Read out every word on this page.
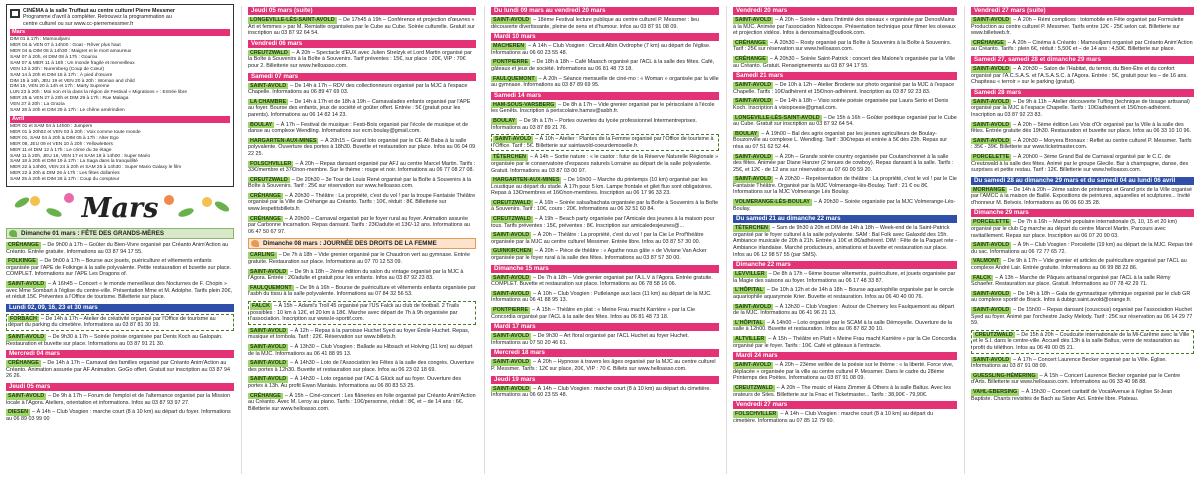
CINÉMA à la salle Truffaut au centre culturel Pierre Messmer
Programme d'avril à compléter. Retrouvez la programmation au
centre culturel ou sur www.cc-pierremessmer.fr
Mars
DIM 01 à 17h : Mamouiljami
MER 04 & VEN 07 à 14h00 : Goat - Rêver plus haut
MER 04 & DIM 08 à 14h30 : Maigret et le mort amoureux
SAM 07 à 20h, et DIM 08 à 17h : Gourou
SAM 07 & MER 11 à 18h : Un monde fragile et merveilleux
VEN 13 à 20h : Nuremberg (Coup de Cœur)
SAM 14 à 20h et DIM 15 à 17h : À pied d'œuvre
DIM 15 à 16h, JEU 19 et VEN 20 à 20h : Woman and child
DIM 15, VEN 20 à 14h et 17h : Marty Supreme
LUN 23 à 20h : Moi non et la dans la région de Festival « Migrations » : Entrée libre
MER 25 & VEN 27 à 20h et DIM 29 à 17h : Rue Malaga
VEN 27 à 20h : La Grazia
SAM 28 à 20h et DIM 29 à 17h : Le chêne amérindien
Avril
MER 01 et SAM 04 à 14h00 : Jumpers
MER 01 à 20h02 et VEN 03 à 20h : Voix comme toute monde
MER 01, SAM 04 à 20h & DIM 05 à 17h : Alter Ego
MER 08, JEU 09 et VEN 10 à 20h : Yellowletters
MER 11 et DIM 12 à 17h : Le crime du 3e étage
SAM 11 à 20h, JEU 16, VEN 17 et SAM 18 à 14h00 : Super Mario
SAM 18 à 20h et DIM 19 à 17h : La Saga dans la tranquillité
MER 22 à 14h00, VEN 24 à 20h et SAM 25 à 14h30 : Super Mario Galaxy le film
MER 22 à 20h & DIM 26 à 17h : Les fêtes dollarées
SAM 25 à 20h et DIM 26 à 17h : Coup du compteur
Mars
Dimanche 01 mars : FÊTE DES GRANDS-MÈRES
CRÉHANGE – De 9h00 à 17h – Goûter du Bien-Vivre organisé par Créanto Anim'Action au Créanto. Entrée gratuite. Informations au 03 87 94 17 55.
FOLKINGE – De 9h00 à 17h – Bourse aux jouets, puériculture et vêtements enfants organisée par l'APE de Folkinge à la salle polyvalente. Petite restauration et buvette sur place. COMPLET. Informations sur l'APE Les Dragons of.
SAINT-AVOLD – À 16h45 – Concert « le monde merveilleux des Nocturnes de F. Chopin » avec Mme Sombart à l'église du centre-ville. Présentation Mme et M. Adolphe. Tarifs plein 20€, et réduit 15€. Préventes à l'Office de tourisme. Billetterie sur place.
Lundi 02, 09, 16, 23 et 30 mars
FORBACH – De 14h à 17h – Atelier de créativité organisé par l'Office de tourisme au départ du parking du cimetière. Informations au 03 87 81 30 19.
SAINT-AVOLD – De 9h30 à 17h – Soirée poésie organisée par Denis Koch au Galopain. Restauration et buvette sur place. Informations au 03 87 91 21 30.
Mercredi 04 mars
CRÉHANGE – De 14h à 17h – Carnaval des familles organisé par Créanto Anim'Action au Créanto. Animation assurée par AF Animation. GoGo offert. Gratuit sur inscription au 03 87 94 26 26.
Jeudi 05 mars
SAINT-AVOLD – De 9h à 17h – Forum de l'emploi et de l'alternance organisé par la Mission locale à l'Agora. Ateliers, orientation et informations. Infos au 03 87 93 97 27.
DIESEN – À 14h – Club Vosgien : marche court (8 à 10 km) au départ du foyer. Informations au 06 89 03 99 00
Jeudi 05 mars (suite)
LONGEVILLE-LÈS-SAINT-AVOLD – De 17h45 à 19h – Conférence et projection d'œuvres « Art et femmes » par M. Remiatte organisées par le Cube au Cube. Soirée culturelle. Gratuit sur inscription au 03 87 92 64 54.
Vendredi 06 mars
CREUTZWALD – À 20h – Spectacle d'EUX avec Julien Strelzyk et Lord Martin organisé par la Boîte à Souvenirs à la Boîte à Souvenirs. Tarif préventes : 15€, sur place : 20€, VIP : 70€ pour 2. Billetterie sur www.helloasso.com.
Samedi 07 mars
SAINT-AVOLD – De 14h à 17h – RDV des collectionneurs organisé par la MJC à l'espace Chapelle. Informations au 06 89 47 69 03.
LA CHAMBRE – De 14h à 17h et de 18h à 19h – Carnavalades enfants organisé par l'APE au foyer. Bourse des enfants, jeux de société et goûter offert. Entrée : 5€ (gratuit pour les parents). Informations au 06 14 82 14 23.
BOULAY – À 17h – Festival de musique : Festi-Bois organisé par l'école de musique et de danse au complexe Wendling. Informations sur ecm.boulay@gmail.com.
HARGARTEN-AUX-MINES – À 20h15 – Grand loto organisé par le CE Ali Baba à la salle polyvalente. Ouverture des portes à 18h30. Buvette et restauration sur place. Infos au 06 04 09 22 25.
FOLSCHVILLER – À 20h – Repas dansant organisé par AFJ au centre Marcel Martin. Tarifs : 33€/membre et 37€/non-membre. Sur le thème : rouge et noir. Informations au 06 77 08 27 08.
CREUTZWALD – De 20h30 – 3e Tour de Louis René organisé par la Boîte à Souvenirs à la Boîte à Souvenirs. Tarif : 25€ sur réservation sur www.helloasso.com.
CRÉHANGE – À 20h30 – Théâtre : La propriété, c'est du vol ! par la troupe Fantaisie Théâtre organisé par la Ville de Créhange au Créanto. Tarifs : 10€, réduit : 8€. Billetterie sur www.lespetitsbillets.fr.
CRÉHANGE – À 20h00 – Carnaval organisé par le foyer rural au foyer. Animation assurée par Carbonne Incarnation. Repas dansant. Tarifs : 23€/adulte et 13€/-12 ans. Informations au 06 47 50 67 97.
Dimanche 08 mars : JOURNÉE DES DROITS DE LA FEMME
CARLING – De 7h à 18h – Vide grenier organisé par le Chaudron vert au gymnase. Entrée gratuite. Restauration sur place. Informations au 07 70 12 53 09.
SAINT-AVOLD – De 9h à 18h – 2ème édition du salon du vintage organisé par la MJC à l'Agora. Entrée : 2€/adulte et gratuit pour les enfants. Infos au 03 87 92 23 83.
FAULQUEMONT – De 9h à 16h – Bourse de puériculture et vêtements enfants organisée par l'asbh du tissu à la salle polyvalente. Informations au 07 84 32 56 53.
FALCK – À 15h – Adami's Troll 45 organisé par l'US Falck au club de football. 2 Trails possibles : 10 km à 12€, et 20 km à 18€. Marche avec départ de 7h à 9h organisée par l'association. Inscription sur www.le-sportif.com.
SAINT-AVOLD – À 12h – Repas à la paroisse Huchet Syed au foyer Émile Huchet. Repas, musique et tombola. Tarif : 22€. Réservation sur www.billets.fr.
SAINT-AVOLD – À 13h30 – Club Vosgien : Ballade au Hibsach et Holving (11 km) au départ de la MJC. Informations au 06 41 88 95 13.
SAINT-AVOLD – À 14h30 – Loto de l'Association les Fêtes à la salle des congrès. Ouverture des portes à 12h30. Buvette et restauration sur place. Infos au 06 23 02 18 69.
SAINT-AVOLD – À 14h30 – Loto organisé par l'AC & Glück auf au foyer. Ouverture des portes à 13h. Au profit Ewan Maniais. Informations au 06 80 83 53 25.
CRÉHANGE – À 15h – Ciné-concert : Les flâneries en folie organisé par Créanto Anim'Action au Créanto. Avec M. Leroy au piano. Tarifs : 10€/personne, réduit : 8€, et – de 14 ans : 6€. Billetterie sur www.helloasso.com.
Du lundi 09 mars au vendredi 20 mars
SAINT-AVOLD – 18ème Festival lecture publique au centre culturel P. Messmer : lieu découverte divertissante, pleine de sens et d'humour. Infos au 03 87 91 08 09.
Mardi 10 mars
MACHEREN – À 14h – Club Vosgien : Circuit Albin Ovdrophe (7 km) au départ de l'église. Informations au 06 60 23 55 48.
PONTPIERRE – De 18h à 18h – Café Maasch organisé par l'ACL à la salle des fêtes. Café, gâteaux et jeux de société. Informations au 06 81 48 73 18.
FAULQUEMONT – À 20h – Séance mensuelle de ciné-mo : « Woman » organisée par la ville au gymnase. Informations au 03 87 89 69 95.
Samedi 14 mars
HAM-SOUS-VARSBERG – De 8h à 17h – Vide grenier organisé par le périscolaire à l'école les Genêts. Inscription à periscolaire.hamsv@asbh.fr.
BOULAY – De 9h à 17h – Portes ouvertes du lycée professionnel Intermentreprises. Informations au 03 87 89 21 76.
SAINT-AVOLD – À 10h – Atelier : Plantes de la Femme organisé par l'Office de tourisme à l'Office. Tarif : 5€. Billetterie sur saintavold-coeurdemoselle.fr.
TÉTERCHEN – À 14h – Sortie nature : « le castor : futur de la Réserve Naturelle Régionale » organisée par le conservatoire d'espaces naturels Lorraine au départ de la salle polyvalente. Gratuit. Informations au 03 87 03 00 97.
HARGARTEN-AUX-MINES – De 16h00 – Marche du printemps (10 km) organisé par les Loustique au départ du stade. À 17h pour 5 km. Lampe frontale et gilet fluo sont obligatoires. Repas à 13€/membres et 16€/non-membres. Inscription au 06 17 96 33 23.
CREUTZWALD – À 16h – Soirée salsa/bachata organisée par la Boîte à Souvenirs à la Boîte à Souvenirs. Tarif : 10€, cours : 20€. Informations au 06 32 51 60 84.
CREUTZWALD – À 19h – Beach party organisée par l'Amicale des jeunes à la maison pour tous. Tarifs préventes : 15€, préventes : 8€. Inscription sur amicaledesjeunes@...
SAINT-AVOLD – À 20h – Théâtre : La propriété, c'est du vol ! par la Cie Le Prof'théâtre organisée par la MJC au centre culturel Messmer. Entrée libre. Infos au 03 87 57 30 00.
GUINKIRCHEN – À 20h – Pièce de théâtre : « Agathe nous gâte » de Viviane Van Acker organisée par le foyer rural à la salle des fêtes. Informations au 03 87 57 30 00.
Dimanche 15 mars
SAINT-AVOLD – De 7h à 18h – Vide grenier organisé par l'A.L.V à l'Agora. Entrée gratuite. COMPLET. Buvette et restauration sur place. Informations au 06 78 58 16 06.
SAINT-AVOLD – À 10h – Club Vosgien : Putlelange aux lacs (11 km) au départ de la MJC. Informations au 06 41 88 95 13.
PONTPIERRE – À 15h – Théâtre en plat : « Meine Frau macht Karrière » par la Cie Concordia organisé par l'ACL à la salle des fêtes. Infos au 06 81 48 73 18.
Mardi 17 mars
SAINT-AVOLD – De 9h30 – Art floral organisé par l'ACL Huchet au foyer Huchet. Informations au 07 50 20 46 61.
Mercredi 18 mars
SAINT-AVOLD – À 20h – Hypnose à travers les âges organisé par la MJC au centre culturel P. Messmer. Tarifs : 12€ sur place, 20€, VIP : 70 €. Billets sur www.helloasso.com.
Jeudi 19 mars
SAINT-AVOLD – À 14h – Club Vosgien : marche court (8 à 10 km) au départ du cimetière. Informations au 06 60 23 55 48.
Vendredi 20 mars
SAINT-AVOLD – À 20h – Soirée « dans l'intimité des oiseaux » organisée par DenosMains à la MJC. Animée par l'association Nidoscope. Présentation technique pour filmer les oiseaux et projection vidéos. Infos à denosmains@outlook.com.
CRÉHANGE – À 20h30 – Rosty organisé par la Boîte à Souvenirs à la Boîte à Souvenirs. Tarif : 25€ sur réservation sur www.helloasso.com.
CRÉHANGE – À 20h30 – Soirée Saint-Patrick : concert des Malone's organisée par la Ville au Créanto. Gratuit. Renseignements au 03 87 94 17 55.
Samedi 21 mars
SAINT-AVOLD – De 10h à 12h – Atelier Broderie sur photo organisé par la MJC à l'espace Chapelle. Tarifs : 10€/adhérent et 15€/non-adhérent. Inscription au 03 87 92 23 83.
SAINT-AVOLD – De 14h à 18h – Visio soirée poésie organisée par Laura Serio et Denis Koch. Inscription à visiopoesie@gmail.com.
LONGEVILLE-LÈS-SAINT-AVOLD – De 15h à 16h – Goûter poétique organisé par le Cube au Cube. Gratuit sur inscription au 03 87 92 64 54.
BOULAY – À 19h00 – Bal des agris organisé par les jeunes agriculteurs de Boulay-Bouzonville au complexe L. Wendling. Tarif : 30€/repas et entrée à 5€ dès 23h. Repas sur résa au 07 51 62 52 44.
SAINT-AVOLD – À 20h – Grande soirée country organisée par Coutanchonnet à la salle des fêtes. Animée par Diane Hanzer (2 tenues de cowboy). Repas dansant à la salle. Tarifs : 25€, et 12€ - de 12 ans sur réservation au 07 60 00 59 20.
SAINT-AVOLD – À 20h30 – Représentation de théâtre : La propriété, c'est le vol ! par le Cie Fantaisie Théâtre. Organisé par la MJC Volmerange-lès-Boulay. Tarif : 21 € ou 8€. Informations sur la MJC Volmerange Lès Boulay.
VOLMERANGE-LÈS-BOULAY – À 20h30 – Soirée organisée par la MJC Volmerange-Lès-Boulay.
Du samedi 21 au dimanche 22 mars
TÉTERCHEN – Sam de 9h30 à 20h et DIM de 14h à 18h – Week-end de la Saint-Patrick organisé par le foyer culturel à la salle polyvalente. SAM : Bal Folk avec Galaxdd des 15h. Ambiance musicale de 20h à 21h. Entrée à 10€ et 8€/adhérent. DIM : Fête de la Paquet rete - Ambiance irlandaise. Marché producteurs, animations et buvette et restauration sur place. Infos au 06 12 98 57 55 (par SMS).
Dimanche 22 mars
LEVVILLER – De 8h à 17h – 6ème bourse vêtements, puériculture, et jouets organisée par la Magie des saisons au foyer. Informations au 06 17 48 33 87.
L'HÔPITAL – De 10h à 12h et de 14h à 18h – Bourse aquariophilie organisée par le cercle aquariophile aquarymoie Krier. Buvette et restauration. Infos au 06 40 40 00 76.
SAINT-AVOLD – À 13h30 – Club Vosgien : Autour de Chemery les Faulquemont au départ de la MJC. Informations au 06 41 96 21 13.
L'HÔPITAL – À 14h00 – Loto organisé par le SCAM à la salle Démoyelle. Ouverture de la salle à 12h00. Buvette et restauration. Infos au 06 87 82 30 10.
ALTVILLER – À 15h – Théâtre en Platt « Meine Frau macht Karrière » par la Cie Concordia organisé par le foyer. Tarifs : 10€. Café et gâteaux à l'entracte.
Mardi 24 mars
SAINT-AVOLD – À 20h – 23ème veillée de la poésie sur le thème : « la liberté. Force vive, déplacée » organisée par la ville au centre culturel P. Messmer. Dans le cadre du 28ème Printemps des Poètes. Informations au 03 87 91 08 09.
CREUTZWALD – À 20h – The music of Hans Zimmer & Others à la salle Baltus. Avec les orateurs de Sites. Billetterie sur la Fnac et Ticketmaster... Tarifs : 38,90€ - 79,90€.
Vendredi 27 mars
FOLSCHVILLER – À 14h – Club Vosgien : marche court (8 à 10 km) au départ du cimetière. Informations au 07 85 12 79 60.
Vendredi 27 mars (suite)
SAINT-AVOLD – À 20h – Rémi complices : totomobile en Fête organisé par Formulette Production au centre culturel P. Messmer. Tarifs entre 12€ - 25€ selon cat. Billetterie sur www.billetweb.fr.
CRÉHANGE – À 20h – Cinéma à Créanto : Mamouiljami organisé par Créanto Anim'Action au Créanto. Tarifs : plein 6€, réduit : 5,50€ et – de 14 ans : 4,50€. Billetterie sur place.
Samedi 27, samedi 28 et dimanche 29 mars
SAINT-AVOLD – À 20h30 – Salon de l'Habitat, du terroir, du Bien-Être et du confort organisé par l'A.C.S.A.S. et l'A.S.A.S.C. à l'Agora. Entrée : 5€, gratuit pour les – de 16 ans. Chapiteau « terroir » sur le parking (gratuit).
Samedi 28 mars
SAINT-AVOLD – De 9h à 11h – Atelier découverte Tufting (technique de tissage artisanal) organisé par la MJC à l'espace Chapelle. Tarifs : 10€/adhérent et 15€/non-adhérent. Inscription au 03 87 92 23 83.
SAINT-AVOLD – À 20h – 5ème édition Les Voix d'Or organisé par la Ville à la salle des fêtes. Entrée gratuite dès 19h30. Restauration et buvette sur place. Infos au 06 33 10 10 96.
SAINT-AVOLD – À 20h30 – Moryera Bronaux : Reflet au centre culturel P. Messmer. Tarifs : 35€ - 39€. Billetterie sur www.ticketmaster.com.
PORCELETTE – À 20h00 – 3ème Grand Bal de Carnaval organisé par le C.C. de Creutzwald à la salle des fêtes. Animé par le groupe Glecile. Bar à champagne, danse, des surprises et petite restau. Tarif : 12€. Billetterie sur www.helloasso.com.
Du samedi 28 au dimanche 29 mars et du samedi 04 au lundi 06 avril
MORHANGE – De 14h à 20h – 2ème salon de printemps et Grand prix de la Ville organisé par l'AMCC à la maison de Baillé. Expositions de peintures, aquarelles et sculptures... Invité d'honneur M. Belvoix. Informations au 06 06 60 35 28.
Dimanche 29 mars
PORCELETTE – De 7h à 16h – Marché populaire internationale (5, 10, 15 et 20 km) organisé par le club Cg marche au départ du centre Marcel Martin. Parcours avec ravitaillement. Repas sur place. Inscription au 06 07 20 90 03.
SAINT-AVOLD – À 9h – Club Vosgien : Porcelette (19 km) au départ de la MJC. Repas tiré du sac. Informations au 06 72 77 65 72.
VALMONT – De 9h à 17h – Vide grenier et articles de puériculture organisé par l'ACL au complexe André Lair. Entrée gratuite. Informations au 06 99 88 22 86.
FALCK – À 13h – Marche de Pâques artisanal organisé par l'ACL à la salle Rémy Schaefer. Restauration sur place. Gratuit. Informations au 07 78 42 29 71.
SAINT-AVOLD – De 14h à 18h – Gala de gymnastique rythmique organisé par le club GR au complexe sportif de Brack. Infos à dubigr.saint.avold@orange.fr.
SAINT-AVOLD – De 15h00 – Repas dansant (couscous) organisé par l'association Huchet Syed au foyer. Animé par l'orchestre Jacky Melody. Tarif : 25€ sur réservation au 06 14 29 77 59.
CREUTZWALD – De 15h à 20h – Coudcuite internationale de la Mi-Carême avec la Ville et le S.I. dans le centre-ville. Accueil dès 13h à la salle Baltus, verre de restauration au profit du téléthon. Infos au 06 49 00 05 21.
SAINT-AVOLD – À 17h – Concert Laurence Becker organisé par la Ville. Église. Informations au 03 87 91 08 09.
GUESSLING-HÉMERING – À 15h – Concert Laurence Becker organisé par le Centre d'Arts. Billetterie sur www.helloasso.com. Informations au 06 33 40 98 88.
VAHL-EBERSING – À 15h30 – Concert caritatif de VocalAvenue à l'église St-Jean Baptiste. Chants revisités de Bach au Sister Act. Entrée libre. Plateau.
